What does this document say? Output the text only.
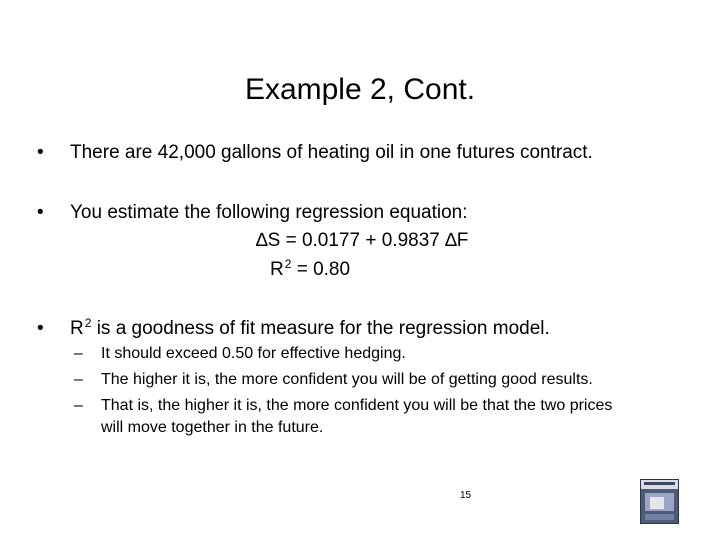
Example 2, Cont.
•	There are 42,000 gallons of heating oil in one futures contract.
•	You estimate the following regression equation:
∆S = 0.0177 + 0.9837 ∆F
$R^2 = 0.80$
•	$R^2$ is a goodness of fit measure for the regression model.
–	It should exceed 0.50 for effective hedging.
–	The higher it is, the more confident you will be of getting good results.
–	That is, the higher it is, the more confident you will be that the two prices
will move together in the future.
15
